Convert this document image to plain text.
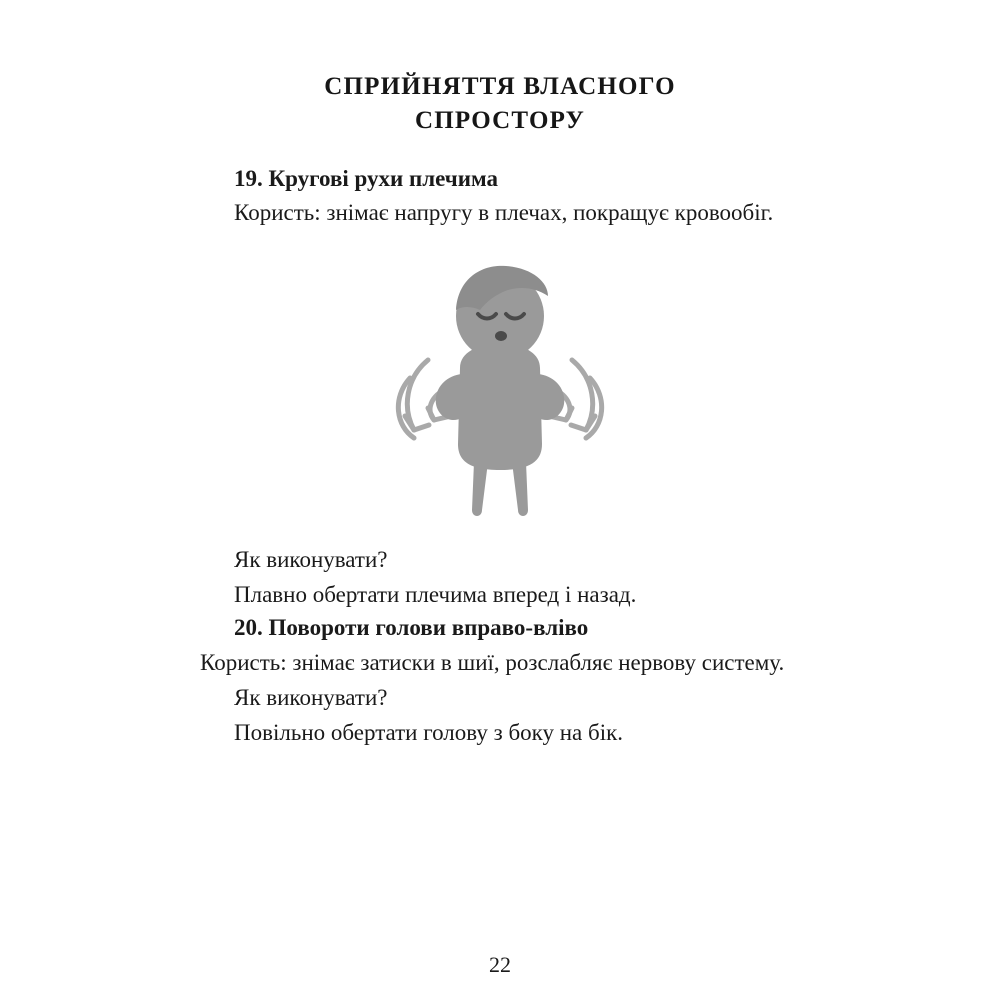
СПРИЙНЯТТЯ ВЛАСНОГО
СПРОСТОРУ
19. Кругові рухи плечима

Користь: знімає напругу в плечах, покращує кровообіг.

Як виконувати?

Плавно обертати плечима вперед і назад.

20. Повороти голови вправо-вліво

Користь: знімає затиски в шиї, розслабляє нервову систему.

Як виконувати?

Повільно обертати голову з боку на бік.

22
